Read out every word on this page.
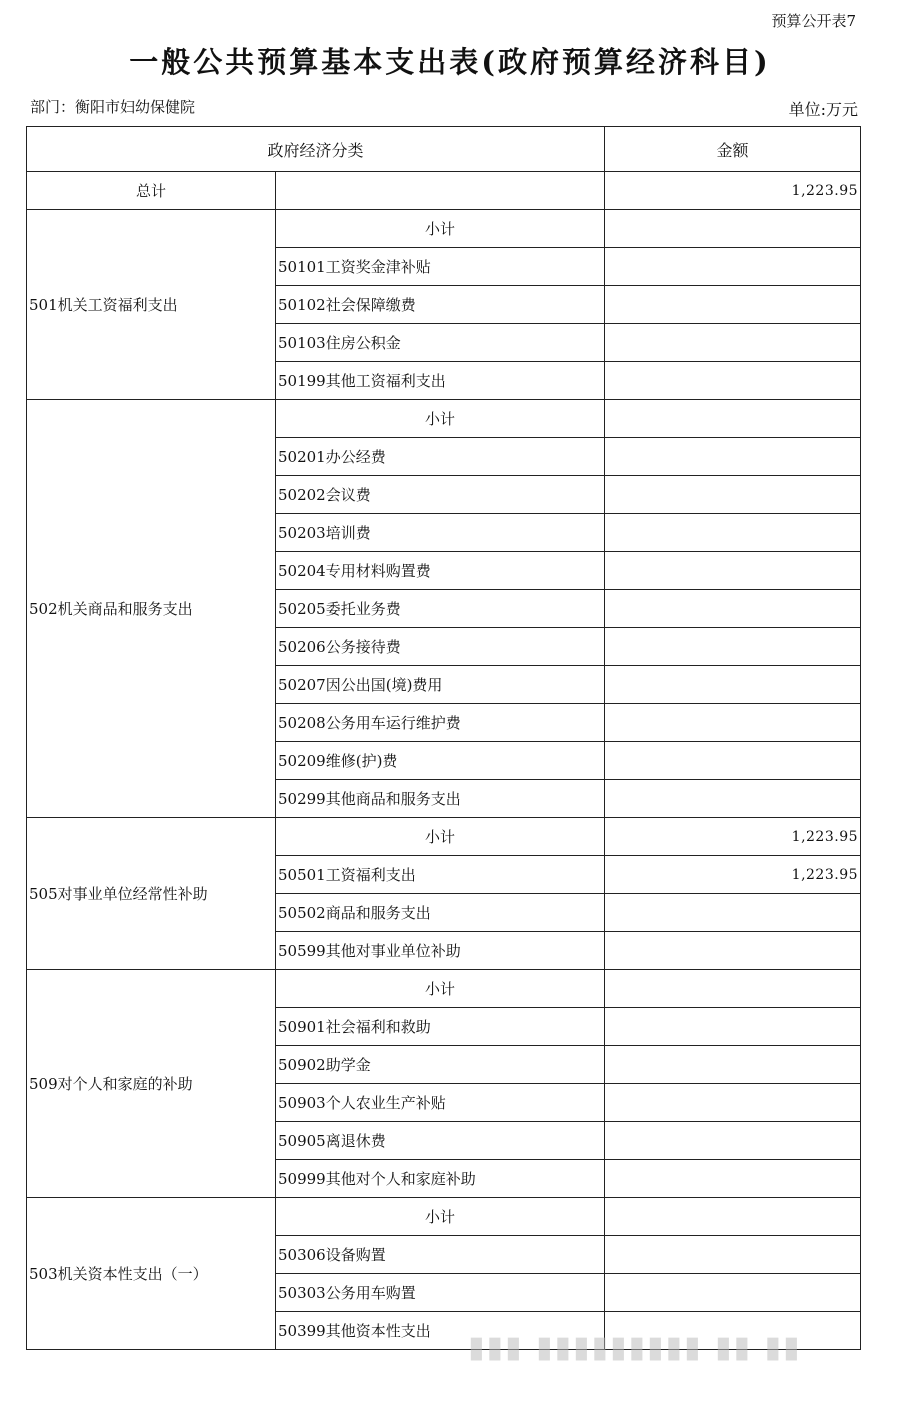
预算公开表7
一般公共预算基本支出表(政府预算经济科目)
部门：衡阳市妇幼保健院	单位:万元
政府经济分类		金额
总计		1,223.95
501机关工资福利支出	小计	
	50101工资奖金津补贴	
	50102社会保障缴费	
	50103住房公积金	
	50199其他工资福利支出	
502机关商品和服务支出	小计	
	50201办公经费	
	50202会议费	
	50203培训费	
	50204专用材料购置费	
	50205委托业务费	
	50206公务接待费	
	50207因公出国(境)费用	
	50208公务用车运行维护费	
	50209维修(护)费	
	50299其他商品和服务支出	
505对事业单位经常性补助	小计	1,223.95
	50501工资福利支出	1,223.95
	50502商品和服务支出	
	50599其他对事业单位补助	
509对个人和家庭的补助	小计	
	50901社会福利和救助	
	50902助学金	
	50903个人农业生产补贴	
	50905离退休费	
	50999其他对个人和家庭补助	
503机关资本性支出（一）	小计	
	50306设备购置	
	50303公务用车购置	
	50399其他资本性支出	▮▮▮ ▮▮▮▮▮▮▮▮▮ ▮▮ ▮▮
